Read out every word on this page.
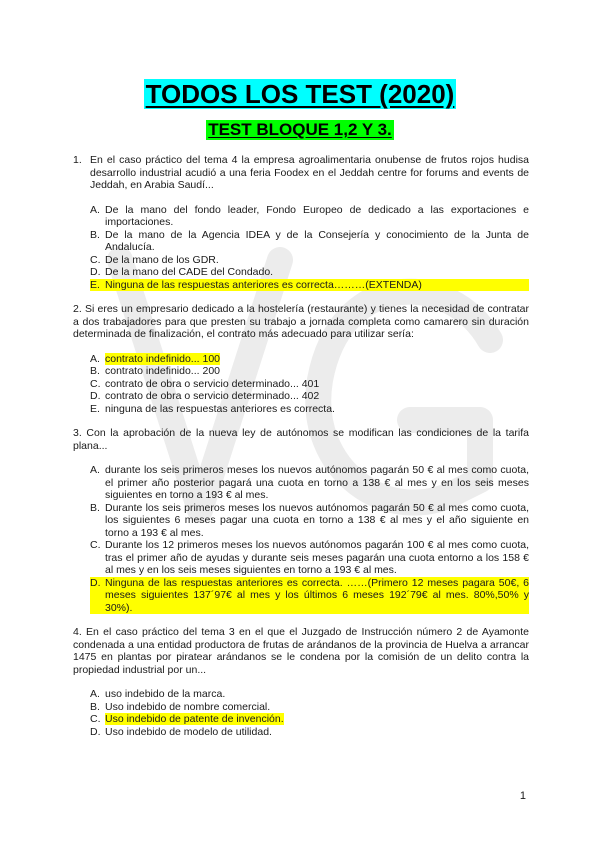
TODOS LOS TEST (2020)
TEST BLOQUE 1,2 Y 3.
1. En el caso práctico del tema 4 la empresa agroalimentaria onubense de frutos rojos hudisa desarrollo industrial acudió a una feria Foodex en el Jeddah centre for forums and events de Jeddah, en Arabia Saudí...
A. De la mano del fondo leader, Fondo Europeo de dedicado a las exportaciones e importaciones.
B. De la mano de la Agencia IDEA y de la Consejería y conocimiento de la Junta de Andalucía.
C. De la mano de los GDR.
D. De la mano del CADE del Condado.
E. Ninguna de las respuestas anteriores es correcta………(EXTENDA)
2. Si eres un empresario dedicado a la hostelería (restaurante) y tienes la necesidad de contratar a dos trabajadores para que presten su trabajo a jornada completa como camarero sin duración determinada de finalización, el contrato más adecuado para utilizar sería:
A. contrato indefinido... 100
B. contrato indefinido... 200
C. contrato de obra o servicio determinado... 401
D. contrato de obra o servicio determinado... 402
E. ninguna de las respuestas anteriores es correcta.
3. Con la aprobación de la nueva ley de autónomos se modifican las condiciones de la tarifa plana...
A. durante los seis primeros meses los nuevos autónomos pagarán 50 € al mes como cuota, el primer año posterior pagará una cuota en torno a 138 € al mes y en los seis meses siguientes en torno a 193 € al mes.
B. Durante los seis primeros meses los nuevos autónomos pagarán 50 € al mes como cuota, los siguientes 6 meses pagar una cuota en torno a 138 € al mes y el año siguiente en torno a 193 € al mes.
C. Durante los 12 primeros meses los nuevos autónomos pagarán 100 € al mes como cuota, tras el primer año de ayudas y durante seis meses pagarán una cuota entorno a los 158 € al mes y en los seis meses siguientes en torno a 193 € al mes.
D. Ninguna de las respuestas anteriores es correcta. ……(Primero 12 meses pagara 50€, 6 meses siguientes 137´97€ al mes y los últimos 6 meses 192´79€ al mes. 80%,50% y 30%).
4. En el caso práctico del tema 3 en el que el Juzgado de Instrucción número 2 de Ayamonte condenada a una entidad productora de frutas de arándanos de la provincia de Huelva a arrancar 1475 en plantas por piratear arándanos se le condena por la comisión de un delito contra la propiedad industrial por un...
A. uso indebido de la marca.
B. Uso indebido de nombre comercial.
C. Uso indebido de patente de invención.
D. Uso indebido de modelo de utilidad.
1
